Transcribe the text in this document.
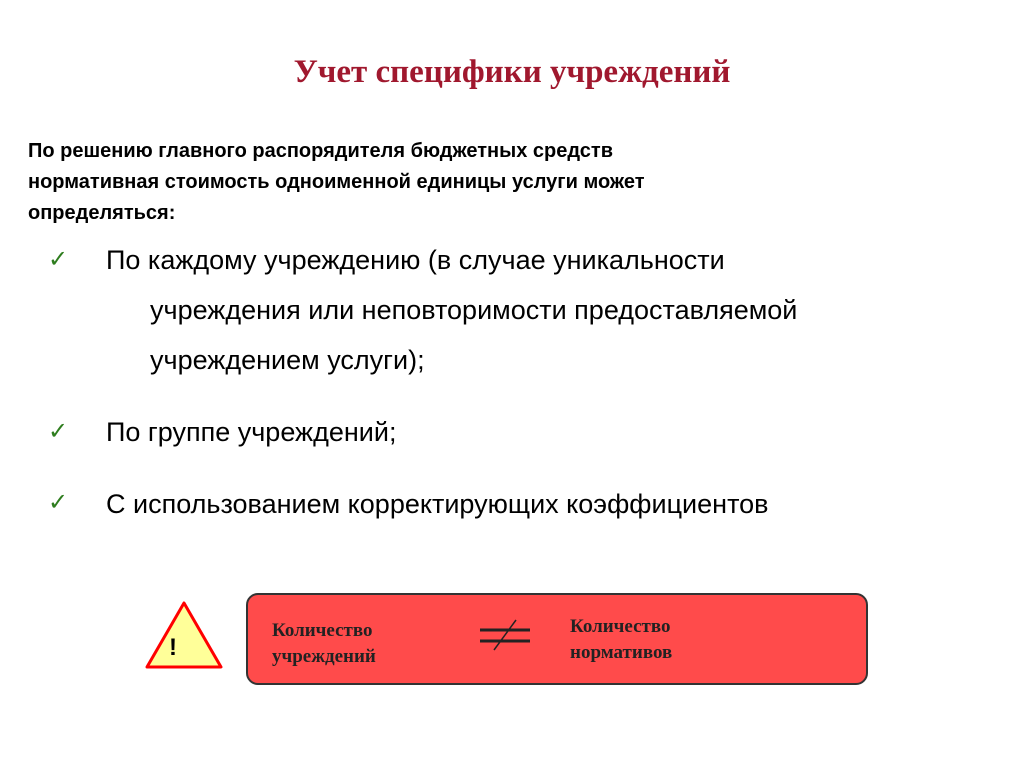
Учет специфики учреждений
По решению главного распорядителя бюджетных средств
нормативная стоимость одноименной единицы услуги может
определяться:
✓ По каждому учреждению (в случае уникальности
учреждения или неповторимости предоставляемой
учреждением услуги);
✓ По группе учреждений;
✓ С использованием корректирующих коэффициентов
!
Количество
учреждений
Количество
нормативов
